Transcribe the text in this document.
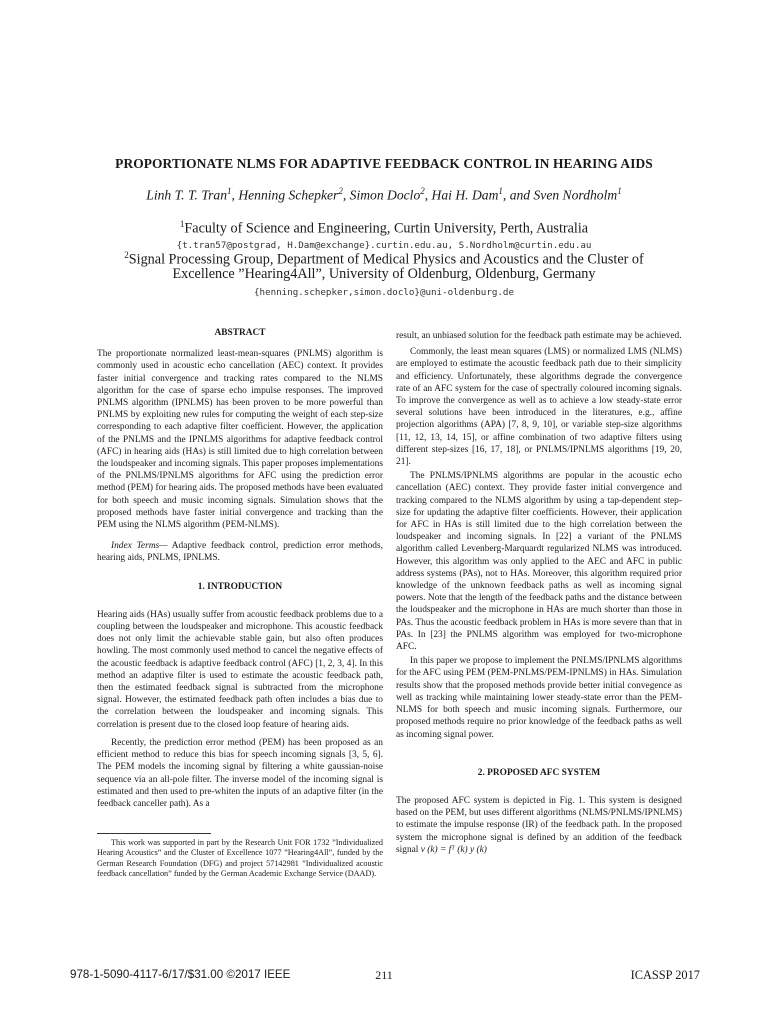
PROPORTIONATE NLMS FOR ADAPTIVE FEEDBACK CONTROL IN HEARING AIDS
Linh T. T. Tran$^1$, Henning Schepker$^2$, Simon Doclo$^2$, Hai H. Dam$^1$, and Sven Nordholm$^1$
$^1$Faculty of Science and Engineering, Curtin University, Perth, Australia
{t.tran57@postgrad, H.Dam@exchange}.curtin.edu.au, S.Nordholm@curtin.edu.au
$^2$Signal Processing Group, Department of Medical Physics and Acoustics and the Cluster of
Excellence ”Hearing4All”, University of Oldenburg, Oldenburg, Germany
{henning.schepker,simon.doclo}@uni-oldenburg.de

ABSTRACT

The proportionate normalized least-mean-squares (PNLMS) algorithm is commonly used in acoustic echo cancellation (AEC) context. It provides faster initial convergence and tracking rates compared to the NLMS algorithm for the case of sparse echo impulse responses. The improved PNLMS algorithm (IPNLMS) has been proven to be more powerful than PNLMS by exploiting new rules for computing the weight of each step-size corresponding to each adaptive filter coefficient. However, the application of the PNLMS and the IPNLMS algorithms for adaptive feedback control (AFC) in hearing aids (HAs) is still limited due to high correlation between the loudspeaker and incoming signals. This paper proposes implementations of the PNLMS/IPNLMS algorithms for AFC using the prediction error method (PEM) for hearing aids. The proposed methods have been evaluated for both speech and music incoming signals. Simulation shows that the proposed methods have faster initial convergence and tracking than the PEM using the NLMS algorithm (PEM-NLMS).

Index Terms— Adaptive feedback control, prediction error methods, hearing aids, PNLMS, IPNLMS.

1. INTRODUCTION

Hearing aids (HAs) usually suffer from acoustic feedback problems due to a coupling between the loudspeaker and microphone. This acoustic feedback does not only limit the achievable stable gain, but also often produces howling. The most commonly used method to cancel the negative effects of the acoustic feedback is adaptive feedback control (AFC) [1, 2, 3, 4]. In this method an adaptive filter is used to estimate the acoustic feedback path, then the estimated feedback signal is subtracted from the microphone signal. However, the estimated feedback path often includes a bias due to the correlation between the loudspeaker and incoming signals. This correlation is present due to the closed loop feature of hearing aids.

Recently, the prediction error method (PEM) has been proposed as an efficient method to reduce this bias for speech incoming signals [3, 5, 6]. The PEM models the incoming signal by filtering a white gaussian-noise sequence via an all-pole filter. The inverse model of the incoming signal is estimated and then used to pre-whiten the inputs of an adaptive filter (in the feedback canceller path). As a

This work was supported in part by the Research Unit FOR 1732 ”Individualized Hearing Acoustics” and the Cluster of Excellence 1077 ”Hearing4All”, funded by the German Research Foundation (DFG) and project 57142981 ”Individualized acoustic feedback cancellation” funded by the German Academic Exchange Service (DAAD).

result, an unbiased solution for the feedback path estimate may be achieved.

Commonly, the least mean squares (LMS) or normalized LMS (NLMS) are employed to estimate the acoustic feedback path due to their simplicity and efficiency. Unfortunately, these algorithms degrade the convergence rate of an AFC system for the case of spectrally coloured incoming signals. To improve the convergence as well as to achieve a low steady-state error several solutions have been introduced in the literatures, e.g., affine projection algorithms (APA) [7, 8, 9, 10], or variable step-size algorithms [11, 12, 13, 14, 15], or affine combination of two adaptive filters using different step-sizes [16, 17, 18], or PNLMS/IPNLMS algorithms [19, 20, 21].

The PNLMS/IPNLMS algorithms are popular in the acoustic echo cancellation (AEC) context. They provide faster initial convergence and tracking compared to the NLMS algorithm by using a tap-dependent step-size for updating the adaptive filter coefficients. However, their application for AFC in HAs is still limited due to the high correlation between the loudspeaker and incoming signals. In [22] a variant of the PNLMS algorithm called Levenberg-Marquardt regularized NLMS was introduced. However, this algorithm was only applied to the AEC and AFC in public address systems (PAs), not to HAs. Moreover, this algorithm required prior knowledge of the unknown feedback paths as well as incoming signal powers. Note that the length of the feedback paths and the distance between the loudspeaker and the microphone in HAs are much shorter than those in PAs. Thus the acoustic feedback problem in HAs is more severe than that in PAs. In [23] the PNLMS algorithm was employed for two-microphone AFC.

In this paper we propose to implement the PNLMS/IPNLMS algorithms for the AFC using PEM (PEM-PNLMS/PEM-IPNLMS) in HAs. Simulation results show that the proposed methods provide better initial convegence as well as tracking while maintaining lower steady-state error than the PEM-NLMS for both speech and music incoming signals. Furthermore, our proposed methods require no prior knowledge of the feedback paths as well as incoming signal power.

2. PROPOSED AFC SYSTEM

The proposed AFC system is depicted in Fig. 1. This system is designed based on the PEM, but uses different algorithms (NLMS/PNLMS/IPNLMS) to estimate the impulse response (IR) of the feedback path. In the proposed system the microphone signal is defined by an addition of the feedback signal v (k) = fᵀ (k) y (k)

978-1-5090-4117-6/17/$31.00 ©2017 IEEE	211	ICASSP 2017
